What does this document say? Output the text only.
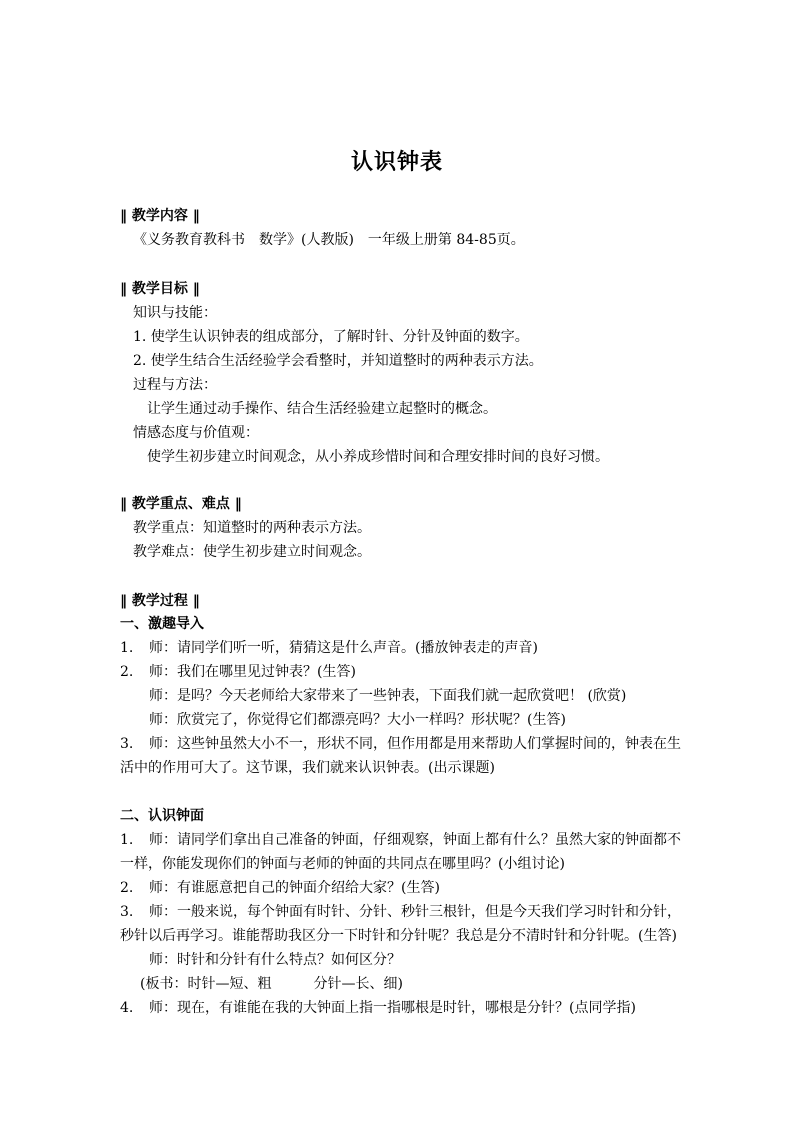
认识钟表
‖ 教学内容 ‖
《义务教育教科书　数学》(人教版)　一年级上册第 84-85页。
‖ 教学目标 ‖
知识与技能：
1. 使学生认识钟表的组成部分，了解时针、分针及钟面的数字。
2. 使学生结合生活经验学会看整时，并知道整时的两种表示方法。
过程与方法：
让学生通过动手操作、结合生活经验建立起整时的概念。
情感态度与价值观：
使学生初步建立时间观念，从小养成珍惜时间和合理安排时间的良好习惯。
‖ 教学重点、难点 ‖
教学重点：知道整时的两种表示方法。
教学难点：使学生初步建立时间观念。
‖ 教学过程 ‖
一、激趣导入
1. 师：请同学们听一听，猜猜这是什么声音。(播放钟表走的声音)
2. 师：我们在哪里见过钟表？(生答)
师：是吗？今天老师给大家带来了一些钟表，下面我们就一起欣赏吧！ (欣赏)
师：欣赏完了，你觉得它们都漂亮吗？大小一样吗？形状呢？(生答)
3. 师：这些钟虽然大小不一，形状不同，但作用都是用来帮助人们掌握时间的，钟表在生
活中的作用可大了。这节课，我们就来认识钟表。(出示课题)
二、认识钟面
1. 师：请同学们拿出自己准备的钟面，仔细观察，钟面上都有什么？虽然大家的钟面都不
一样，你能发现你们的钟面与老师的钟面的共同点在哪里吗？(小组讨论)
2. 师：有谁愿意把自己的钟面介绍给大家？(生答)
3. 师：一般来说，每个钟面有时针、分针、秒针三根针，但是今天我们学习时针和分针，
秒针以后再学习。谁能帮助我区分一下时针和分针呢？我总是分不清时针和分针呢。(生答)
师：时针和分针有什么特点？如何区分？
(板书：时针—短、粗　　　分针—长、细)
4. 师：现在，有谁能在我的大钟面上指一指哪根是时针，哪根是分针？(点同学指)
